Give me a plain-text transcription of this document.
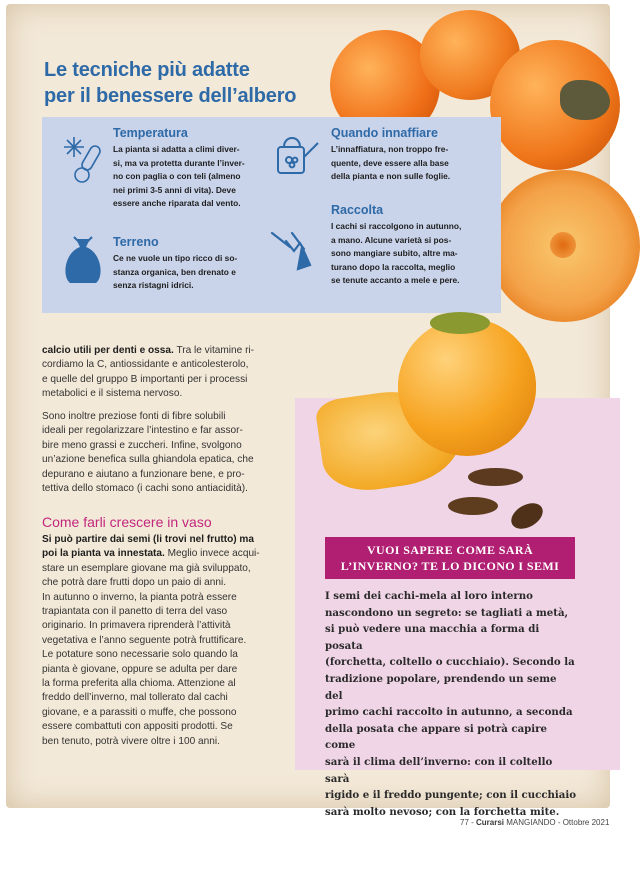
Le tecniche più adatte
per il benessere dell’albero
Temperatura

La pianta si adatta a climi diver-
si, ma va protetta durante l’inver-
no con paglia o con teli (almeno
nei primi 3-5 anni di vita). Deve
essere anche riparata dal vento.

Terreno

Ce ne vuole un tipo ricco di so-
stanza organica, ben drenato e
senza ristagni idrici.

Quando innaffiare

L’innaffiatura, non troppo fre-
quente, deve essere alla base
della pianta e non sulle foglie.

Raccolta

I cachi si raccolgono in autunno,
a mano. Alcune varietà si pos-
sono mangiare subito, altre ma-
turano dopo la raccolta, meglio
se tenute accanto a mele e pere.

calcio utili per denti e ossa. Tra le vitamine ri-
cordiamo la C, antiossidante e anticolesterolo,
e quelle del gruppo B importanti per i processi
metabolici e il sistema nervoso.
Sono inoltre preziose fonti di fibre solubili
ideali per regolarizzare l’intestino e far assor-
bire meno grassi e zuccheri. Infine, svolgono
un’azione benefica sulla ghiandola epatica, che
depurano e aiutano a funzionare bene, e pro-
tettiva dello stomaco (i cachi sono antiacidità).
Come farli crescere in vaso
Si può partire dai semi (li trovi nel frutto) ma
poi la pianta va innestata. Meglio invece acqui-
stare un esemplare giovane ma già sviluppato,
che potrà dare frutti dopo un paio di anni.
In autunno o inverno, la pianta potrà essere
trapiantata con il panetto di terra del vaso
originario. In primavera riprenderà l’attività
vegetativa e l’anno seguente potrà fruttificare.
Le potature sono necessarie solo quando la
pianta è giovane, oppure se adulta per dare
la forma preferita alla chioma. Attenzione al
freddo dell’inverno, mal tollerato dal cachi
giovane, e a parassiti o muffe, che possono
essere combattuti con appositi prodotti. Se
ben tenuto, potrà vivere oltre i 100 anni.
VUOI SAPERE COME SARÀ
L’INVERNO? TE LO DICONO I SEMI
I semi dei cachi-mela al loro interno
nascondono un segreto: se tagliati a metà,
si può vedere una macchia a forma di posata
(forchetta, coltello o cucchiaio). Secondo la
tradizione popolare, prendendo un seme del
primo cachi raccolto in autunno, a seconda
della posata che appare si potrà capire come
sarà il clima dell’inverno: con il coltello sarà
rigido e il freddo pungente; con il cucchiaio
sarà molto nevoso; con la forchetta mite.
77 - Curarsi MANGIANDO - Ottobre 2021
